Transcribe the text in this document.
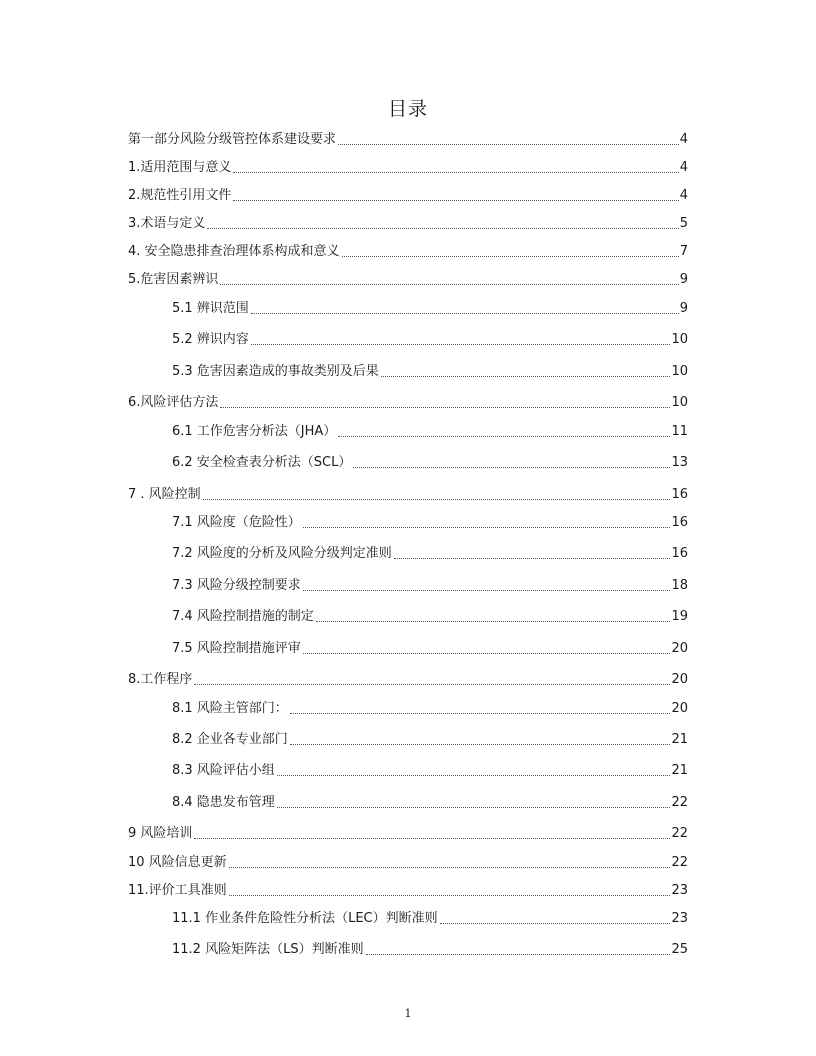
目录
第一部分风险分级管控体系建设要求	4
1.适用范围与意义	4
2.规范性引用文件	4
3.术语与定义	5
4. 安全隐患排查治理体系构成和意义	7
5.危害因素辨识	9
5.1 辨识范围	9
5.2 辨识内容	10
5.3 危害因素造成的事故类别及后果	10
6.风险评估方法	10
6.1 工作危害分析法（JHA）	11
6.2 安全检查表分析法（SCL）	13
7 . 风险控制	16
7.1 风险度（危险性）	16
7.2 风险度的分析及风险分级判定准则	16
7.3 风险分级控制要求	18
7.4 风险控制措施的制定	19
7.5 风险控制措施评审	20
8.工作程序	20
8.1 风险主管部门：	20
8.2 企业各专业部门	21
8.3 风险评估小组	21
8.4 隐患发布管理	22
9 风险培训	22
10 风险信息更新	22
11.评价工具准则	23
11.1 作业条件危险性分析法（LEC）判断准则	23
11.2 风险矩阵法（LS）判断准则	25
1
